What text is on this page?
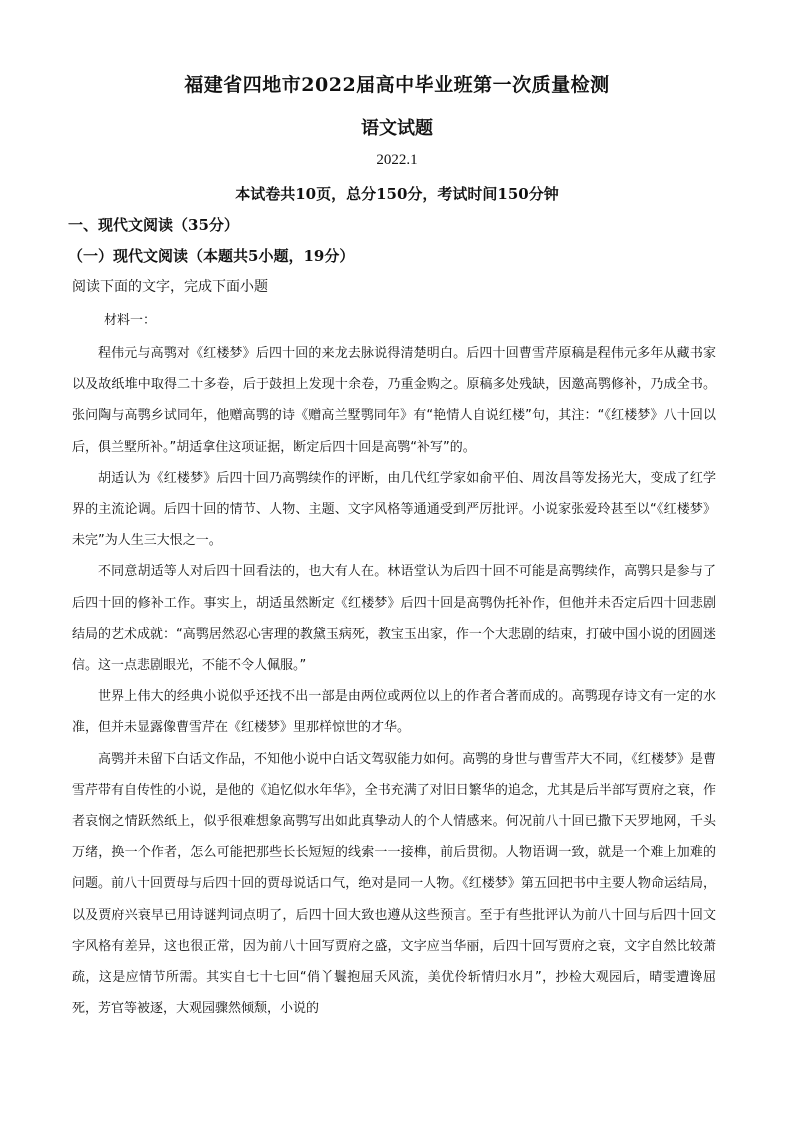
福建省四地市2022届高中毕业班第一次质量检测
语文试题
2022.1
本试卷共10页，总分150分，考试时间150分钟
一、现代文阅读（35分）
（一）现代文阅读（本题共5小题，19分）
阅读下面的文字，完成下面小题
材料一：

程伟元与高鹗对《红楼梦》后四十回的来龙去脉说得清楚明白。后四十回曹雪芹原稿是程伟元多年从藏书家以及故纸堆中取得二十多卷，后于鼓担上发现十余卷，乃重金购之。原稿多处残缺，因邀高鹗修补，乃成全书。张问陶与高鹗乡试同年，他赠高鹗的诗《赠高兰墅鹗同年》有“艳情人自说红楼”句，其注：“《红楼梦》八十回以后，俱兰墅所补。”胡适拿住这项证据，断定后四十回是高鹗“补写”的。

胡适认为《红楼梦》后四十回乃高鹗续作的评断，由几代红学家如俞平伯、周汝昌等发扬光大，变成了红学界的主流论调。后四十回的情节、人物、主题、文字风格等通通受到严厉批评。小说家张爱玲甚至以“《红楼梦》未完”为人生三大恨之一。

不同意胡适等人对后四十回看法的，也大有人在。林语堂认为后四十回不可能是高鹗续作，高鹗只是参与了后四十回的修补工作。事实上，胡适虽然断定《红楼梦》后四十回是高鹗伪托补作，但他并未否定后四十回悲剧结局的艺术成就：“高鹗居然忍心害理的教黛玉病死，教宝玉出家，作一个大悲剧的结束，打破中国小说的团圆迷信。这一点悲剧眼光，不能不令人佩服。”

世界上伟大的经典小说似乎还找不出一部是由两位或两位以上的作者合著而成的。高鹗现存诗文有一定的水准，但并未显露像曹雪芹在《红楼梦》里那样惊世的才华。

高鹗并未留下白话文作品，不知他小说中白话文驾驭能力如何。高鹗的身世与曹雪芹大不同，《红楼梦》是曹雪芹带有自传性的小说，是他的《追忆似水年华》，全书充满了对旧日繁华的追念，尤其是后半部写贾府之衰，作者哀悯之情跃然纸上，似乎很难想象高鹗写出如此真挚动人的个人情感来。何况前八十回已撒下天罗地网，千头万绪，换一个作者，怎么可能把那些长长短短的线索一一接榫，前后贯彻。人物语调一致，就是一个难上加难的问题。前八十回贾母与后四十回的贾母说话口气，绝对是同一人物。《红楼梦》第五回把书中主要人物命运结局，以及贾府兴衰早已用诗谜判词点明了，后四十回大致也遵从这些预言。至于有些批评认为前八十回与后四十回文字风格有差异，这也很正常，因为前八十回写贾府之盛，文字应当华丽，后四十回写贾府之衰，文字自然比较萧疏，这是应情节所需。其实自七十七回“俏丫鬟抱屈夭风流，美优伶斩情归水月”，抄检大观园后，晴雯遭谗屈死，芳官等被逐，大观园骤然倾颓，小说的
